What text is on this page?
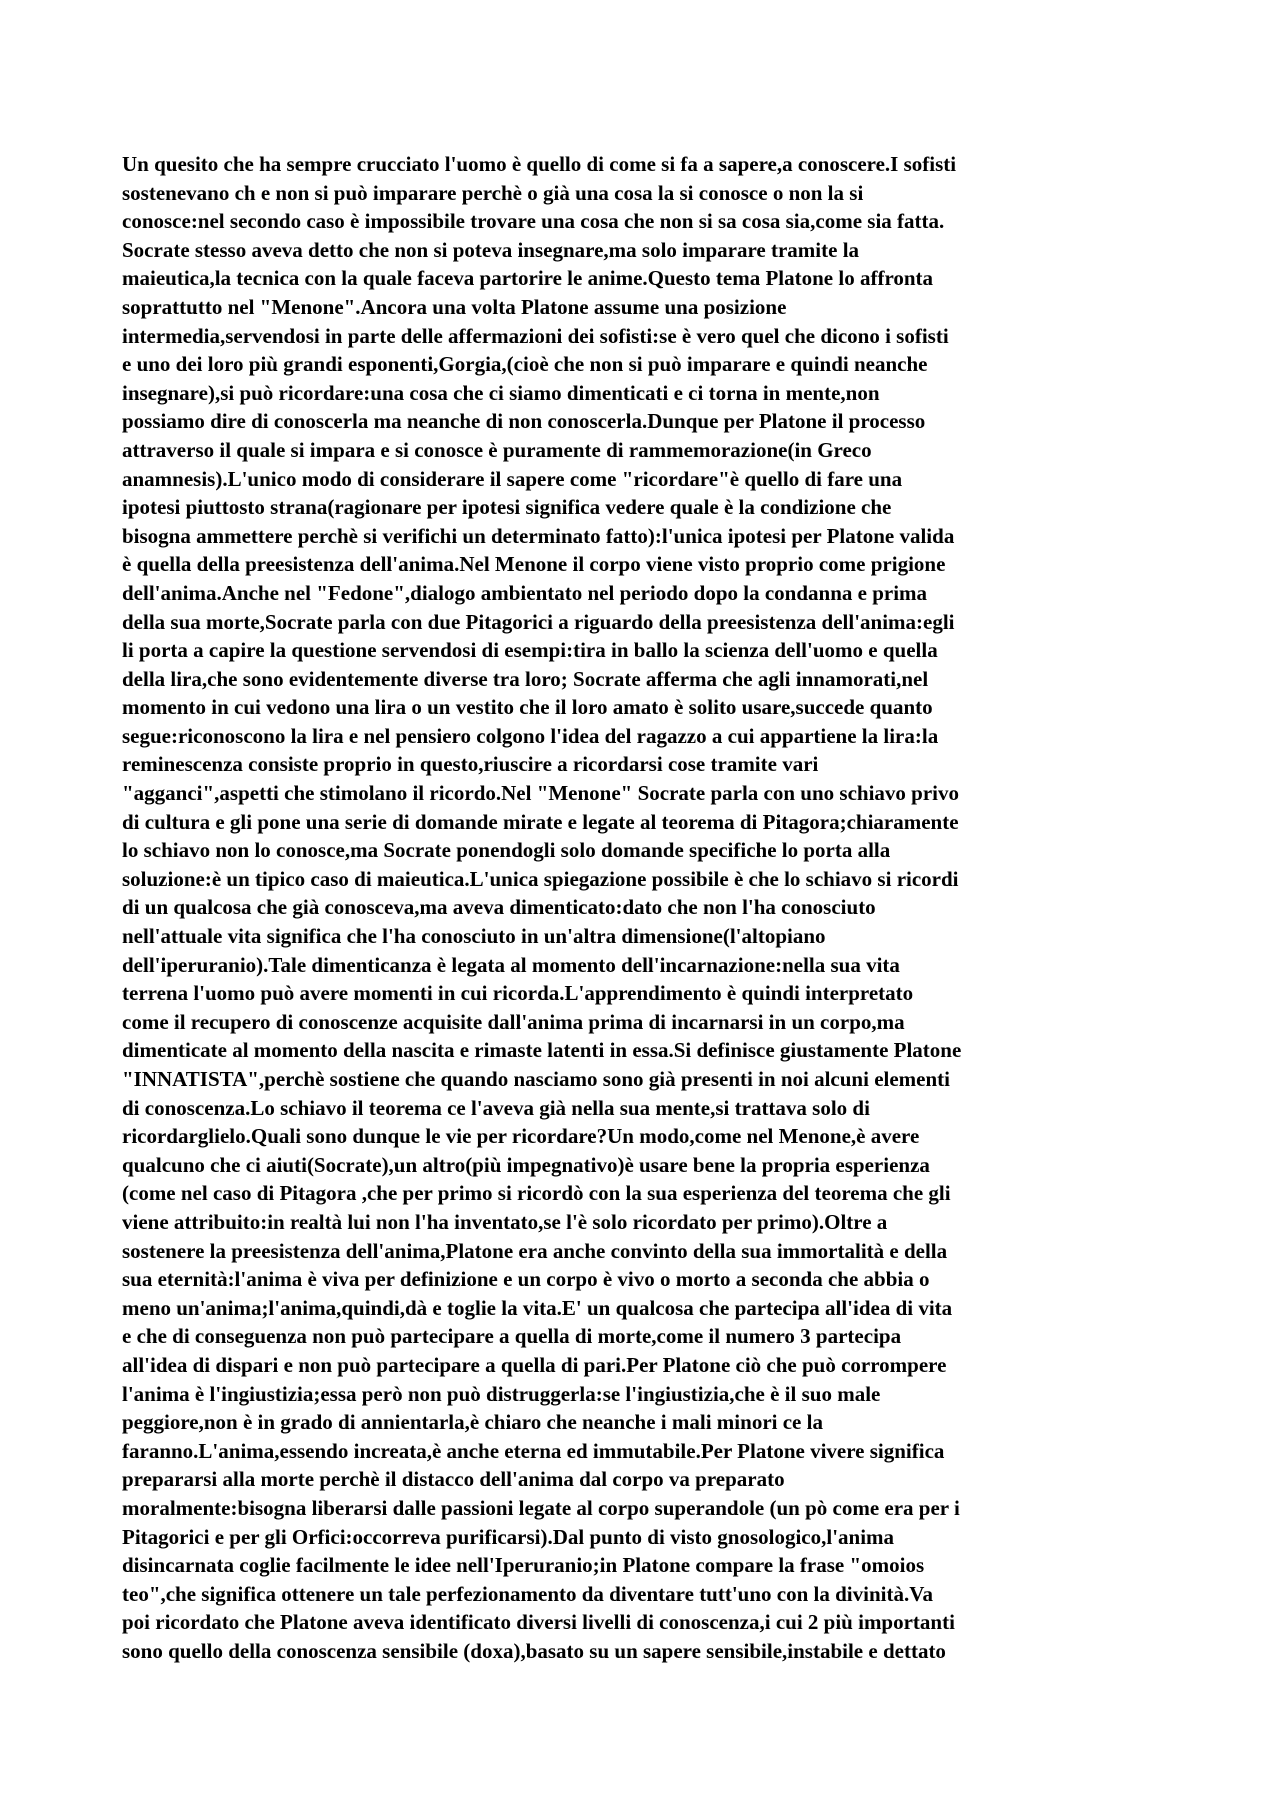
Un quesito che ha sempre crucciato l'uomo è quello di come si fa a sapere,a conoscere.I sofisti
sostenevano ch e non si può imparare perchè o già una cosa la si conosce o non la si
conosce:nel secondo caso è impossibile trovare una cosa che non si sa cosa sia,come sia fatta.
Socrate stesso aveva detto che non si poteva insegnare,ma solo imparare tramite la
maieutica,la tecnica con la quale faceva partorire le anime.Questo tema Platone lo affronta
soprattutto nel "Menone".Ancora una volta Platone assume una posizione
intermedia,servendosi in parte delle affermazioni dei sofisti:se è vero quel che dicono i sofisti
e uno dei loro più grandi esponenti,Gorgia,(cioè che non si può imparare e quindi neanche
insegnare),si può ricordare:una cosa che ci siamo dimenticati e ci torna in mente,non
possiamo dire di conoscerla ma neanche di non conoscerla.Dunque per Platone il processo
attraverso il quale si impara e si conosce è puramente di rammemorazione(in Greco
anamnesis).L'unico modo di considerare il sapere come "ricordare"è quello di fare una
ipotesi piuttosto strana(ragionare per ipotesi significa vedere quale è la condizione che
bisogna ammettere perchè si verifichi un determinato fatto):l'unica ipotesi per Platone valida
è quella della preesistenza dell'anima.Nel Menone il corpo viene visto proprio come prigione
dell'anima.Anche nel "Fedone",dialogo ambientato nel periodo dopo la condanna e prima
della sua morte,Socrate parla con due Pitagorici a riguardo della preesistenza dell'anima:egli
li porta a capire la questione servendosi di esempi:tira in ballo la scienza dell'uomo e quella
della lira,che sono evidentemente diverse tra loro; Socrate afferma che agli innamorati,nel
momento in cui vedono una lira o un vestito che il loro amato è solito usare,succede quanto
segue:riconoscono la lira e nel pensiero colgono l'idea del ragazzo a cui appartiene la lira:la
reminescenza consiste proprio in questo,riuscire a ricordarsi cose tramite vari
"agganci",aspetti che stimolano il ricordo.Nel "Menone" Socrate parla con uno schiavo privo
di cultura e gli pone una serie di domande mirate e legate al teorema di Pitagora;chiaramente
lo schiavo non lo conosce,ma Socrate ponendogli solo domande specifiche lo porta alla
soluzione:è un tipico caso di maieutica.L'unica spiegazione possibile è che lo schiavo si ricordi
di un qualcosa che già conosceva,ma aveva dimenticato:dato che non l'ha conosciuto
nell'attuale vita significa che l'ha conosciuto in un'altra dimensione(l'altopiano
dell'iperuranio).Tale dimenticanza è legata al momento dell'incarnazione:nella sua vita
terrena l'uomo può avere momenti in cui ricorda.L'apprendimento è quindi interpretato
come il recupero di conoscenze acquisite dall'anima prima di incarnarsi in un corpo,ma
dimenticate al momento della nascita e rimaste latenti in essa.Si definisce giustamente Platone
"INNATISTA",perchè sostiene che quando nasciamo sono già presenti in noi alcuni elementi
di conoscenza.Lo schiavo il teorema ce l'aveva già nella sua mente,si trattava solo di
ricordarglielo.Quali sono dunque le vie per ricordare?Un modo,come nel Menone,è avere
qualcuno che ci aiuti(Socrate),un altro(più impegnativo)è usare bene la propria esperienza
(come nel caso di Pitagora ,che per primo si ricordò con la sua esperienza del teorema che gli
viene attribuito:in realtà lui non l'ha inventato,se l'è solo ricordato per primo).Oltre a
sostenere la preesistenza dell'anima,Platone era anche convinto della sua immortalità e della
sua eternità:l'anima è viva per definizione e un corpo è vivo o morto a seconda che abbia o
meno un'anima;l'anima,quindi,dà e toglie la vita.E' un qualcosa che partecipa all'idea di vita
e che di conseguenza non può partecipare a quella di morte,come il numero 3 partecipa
all'idea di dispari e non può partecipare a quella di pari.Per Platone ciò che può corrompere
l'anima è l'ingiustizia;essa però non può distruggerla:se l'ingiustizia,che è il suo male
peggiore,non è in grado di annientarla,è chiaro che neanche i mali minori ce la
faranno.L'anima,essendo increata,è anche eterna ed immutabile.Per Platone vivere significa
prepararsi alla morte perchè il distacco dell'anima dal corpo va preparato
moralmente:bisogna liberarsi dalle passioni legate al corpo superandole (un pò come era per i
Pitagorici e per gli Orfici:occorreva purificarsi).Dal punto di visto gnosologico,l'anima
disincarnata coglie facilmente le idee nell'Iperuranio;in Platone compare la frase "omoios
teo",che significa ottenere un tale perfezionamento da diventare tutt'uno con la divinità.Va
poi ricordato che Platone aveva identificato diversi livelli di conoscenza,i cui 2 più importanti
sono quello della conoscenza sensibile (doxa),basato su un sapere sensibile,instabile e dettato
